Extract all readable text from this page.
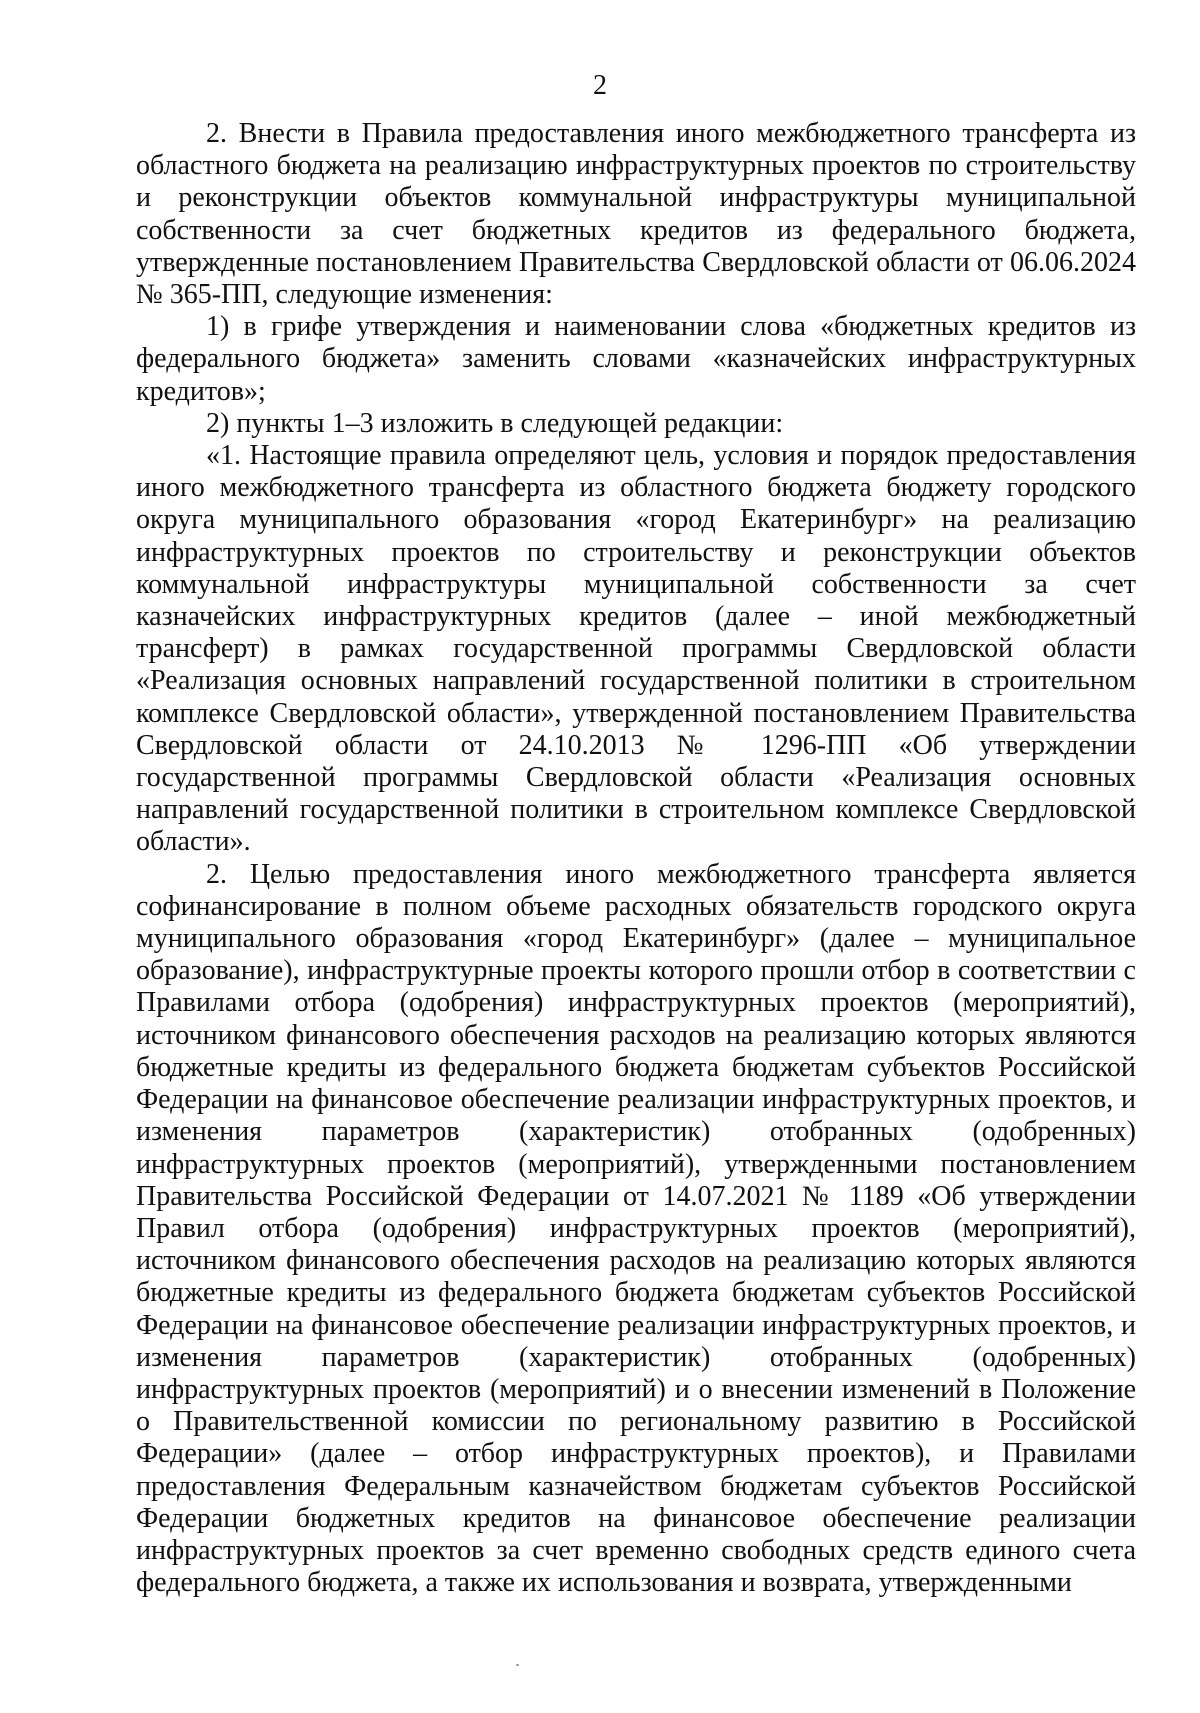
2

2. Внести в Правила предоставления иного межбюджетного трансферта из областного бюджета на реализацию инфраструктурных проектов по строительству и реконструкции объектов коммунальной инфраструктуры муниципальной собственности за счет бюджетных кредитов из федерального бюджета, утвержденные постановлением Правительства Свердловской области от 06.06.2024 № 365-ПП, следующие изменения:

1) в грифе утверждения и наименовании слова «бюджетных кредитов из федерального бюджета» заменить словами «казначейских инфраструктурных кредитов»;

2) пункты 1–3 изложить в следующей редакции:

«1. Настоящие правила определяют цель, условия и порядок предоставления иного межбюджетного трансферта из областного бюджета бюджету городского округа муниципального образования «город Екатеринбург» на реализацию инфраструктурных проектов по строительству и реконструкции объектов коммунальной инфраструктуры муниципальной собственности за счет казначейских инфраструктурных кредитов (далее – иной межбюджетный трансферт) в рамках государственной программы Свердловской области «Реализация основных направлений государственной политики в строительном комплексе Свердловской области», утвержденной постановлением Правительства Свердловской области от 24.10.2013 № 1296-ПП «Об утверждении государственной программы Свердловской области «Реализация основных направлений государственной политики в строительном комплексе Свердловской области».

2. Целью предоставления иного межбюджетного трансферта является софинансирование в полном объеме расходных обязательств городского округа муниципального образования «город Екатеринбург» (далее – муниципальное образование), инфраструктурные проекты которого прошли отбор в соответствии с Правилами отбора (одобрения) инфраструктурных проектов (мероприятий), источником финансового обеспечения расходов на реализацию которых являются бюджетные кредиты из федерального бюджета бюджетам субъектов Российской Федерации на финансовое обеспечение реализации инфраструктурных проектов, и изменения параметров (характеристик) отобранных (одобренных) инфраструктурных проектов (мероприятий), утвержденными постановлением Правительства Российской Федерации от 14.07.2021 № 1189 «Об утверждении Правил отбора (одобрения) инфраструктурных проектов (мероприятий), источником финансового обеспечения расходов на реализацию которых являются бюджетные кредиты из федерального бюджета бюджетам субъектов Российской Федерации на финансовое обеспечение реализации инфраструктурных проектов, и изменения параметров (характеристик) отобранных (одобренных) инфраструктурных проектов (мероприятий) и о внесении изменений в Положение о Правительственной комиссии по региональному развитию в Российской Федерации» (далее – отбор инфраструктурных проектов), и Правилами предоставления Федеральным казначейством бюджетам субъектов Российской Федерации бюджетных кредитов на финансовое обеспечение реализации инфраструктурных проектов за счет временно свободных средств единого счета федерального бюджета, а также их использования и возврата, утвержденными
